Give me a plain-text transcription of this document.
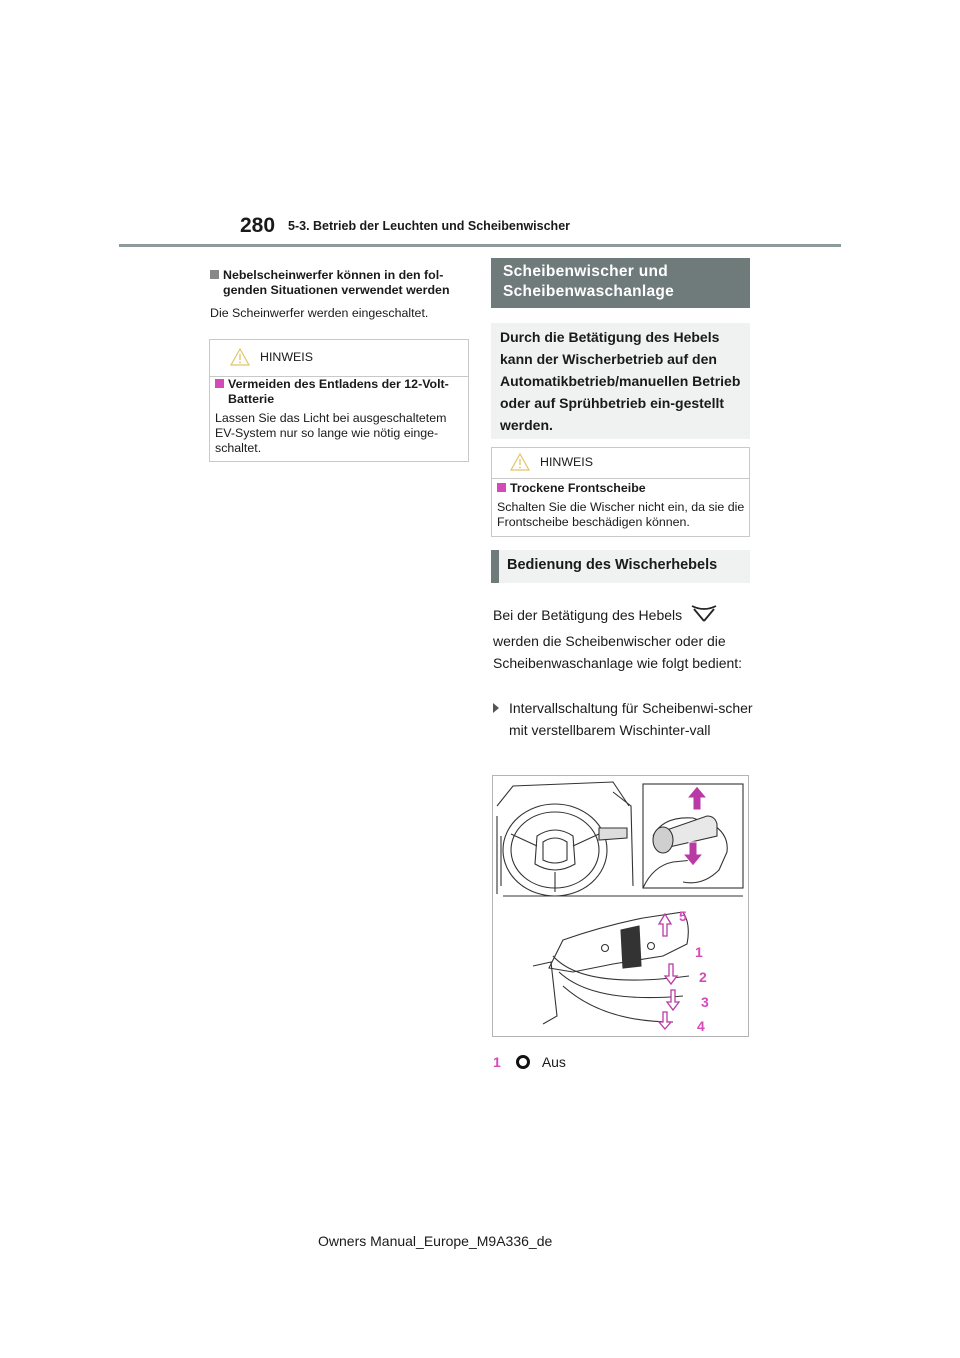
280 5-3. Betrieb der Leuchten und Scheibenwischer
Nebelscheinwerfer können in den fol-
genden Situationen verwendet werden
Die Scheinwerfer werden eingeschaltet.
HINWEIS
Vermeiden des Entladens der 12-Volt-
Batterie
Lassen Sie das Licht bei ausgeschaltetem EV-System nur so lange wie nötig einge-schaltet.
Scheibenwischer und
Scheibenwaschanlage
Durch die Betätigung des Hebels kann der Wischerbetrieb auf den Automatikbetrieb/manuellen Betrieb oder auf Sprühbetrieb ein-gestellt werden.
HINWEIS
Trockene Frontscheibe
Schalten Sie die Wischer nicht ein, da sie die Frontscheibe beschädigen können.
Bedienung des Wischerhebels
Bei der Betätigung des Hebels
werden die Scheibenwischer oder die Scheibenwaschanlage wie folgt bedient:
Intervallschaltung für Scheibenwi-scher mit verstellbarem Wischinter-vall
5
1
2
3
4
1	Aus
Owners Manual_Europe_M9A336_de
